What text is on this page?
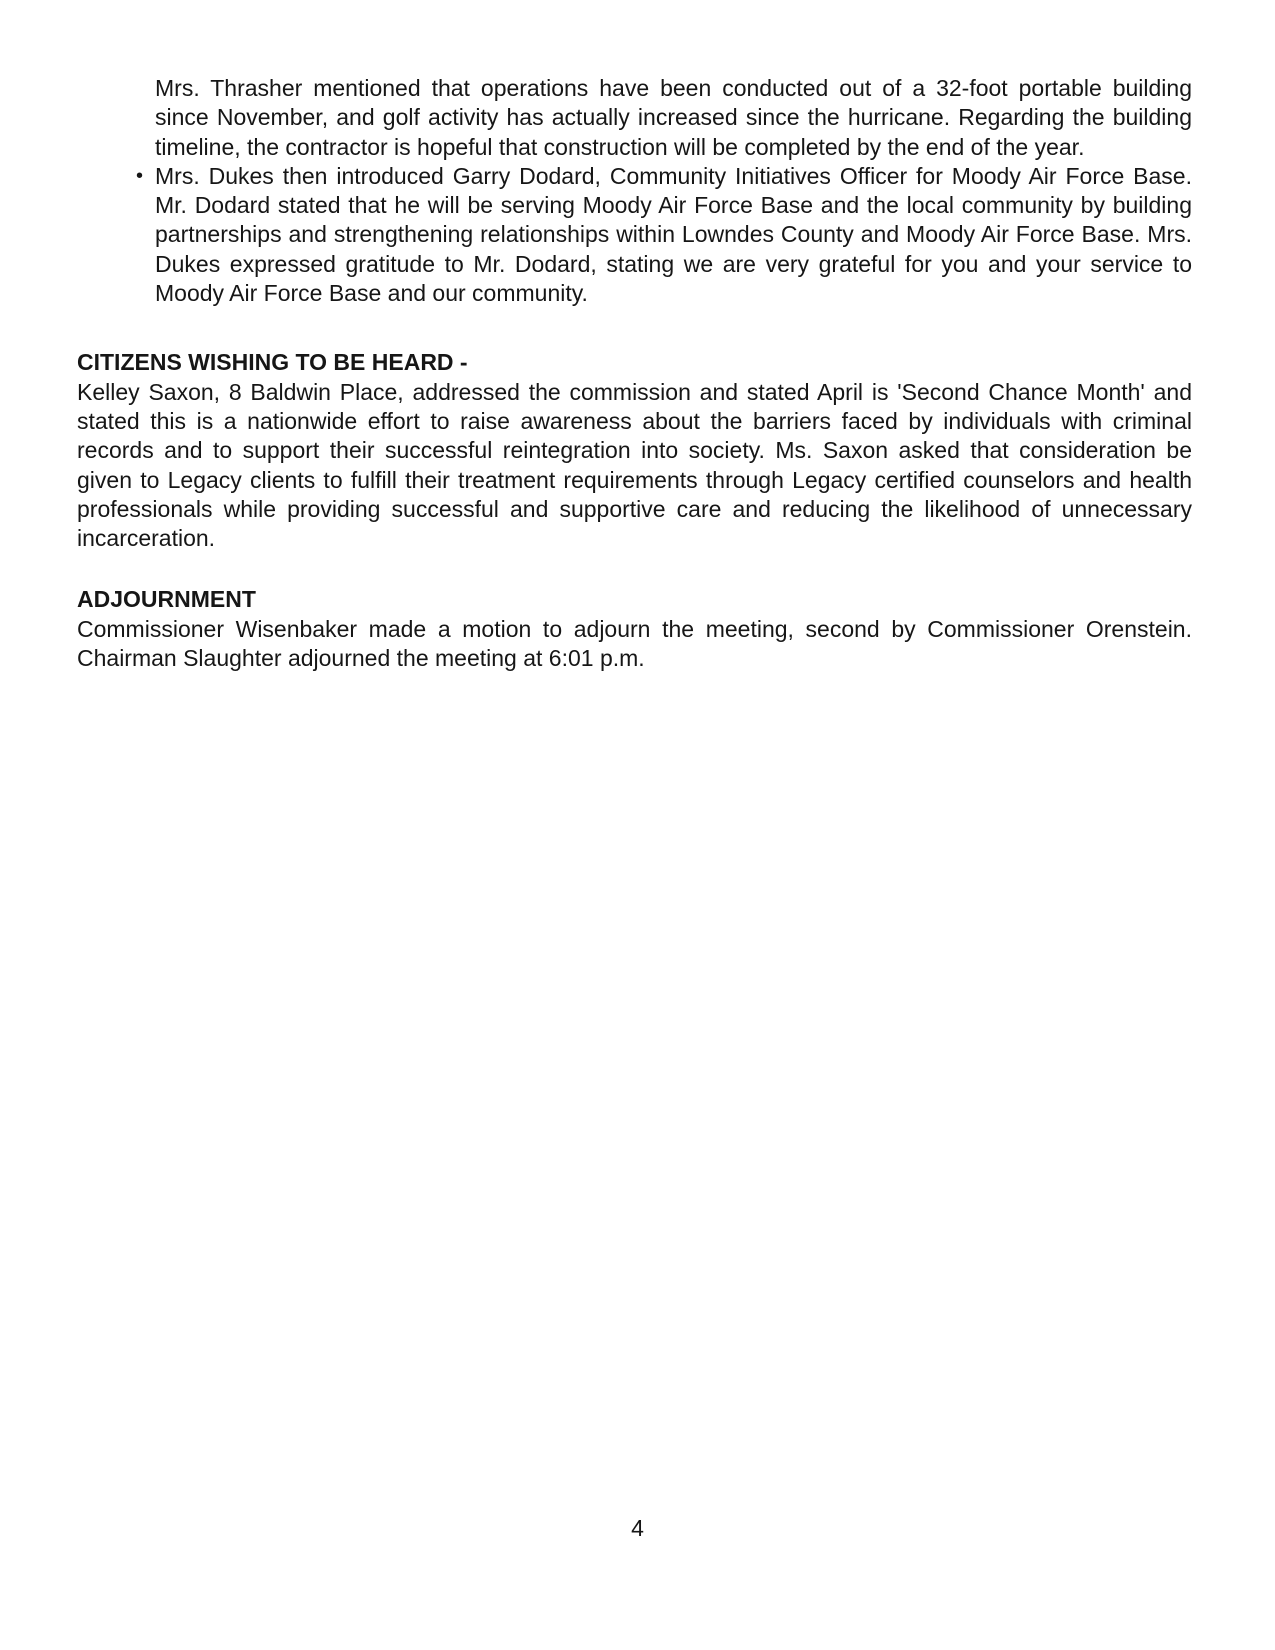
Mrs. Thrasher mentioned that operations have been conducted out of a 32-foot portable building since November, and golf activity has actually increased since the hurricane. Regarding the building timeline, the contractor is hopeful that construction will be completed by the end of the year.
• Mrs. Dukes then introduced Garry Dodard, Community Initiatives Officer for Moody Air Force Base. Mr. Dodard stated that he will be serving Moody Air Force Base and the local community by building partnerships and strengthening relationships within Lowndes County and Moody Air Force Base. Mrs. Dukes expressed gratitude to Mr. Dodard, stating we are very grateful for you and your service to Moody Air Force Base and our community.
CITIZENS WISHING TO BE HEARD -
Kelley Saxon, 8 Baldwin Place, addressed the commission and stated April is 'Second Chance Month' and stated this is a nationwide effort to raise awareness about the barriers faced by individuals with criminal records and to support their successful reintegration into society. Ms. Saxon asked that consideration be given to Legacy clients to fulfill their treatment requirements through Legacy certified counselors and health professionals while providing successful and supportive care and reducing the likelihood of unnecessary incarceration.
ADJOURNMENT
Commissioner Wisenbaker made a motion to adjourn the meeting, second by Commissioner Orenstein. Chairman Slaughter adjourned the meeting at 6:01 p.m.
4
